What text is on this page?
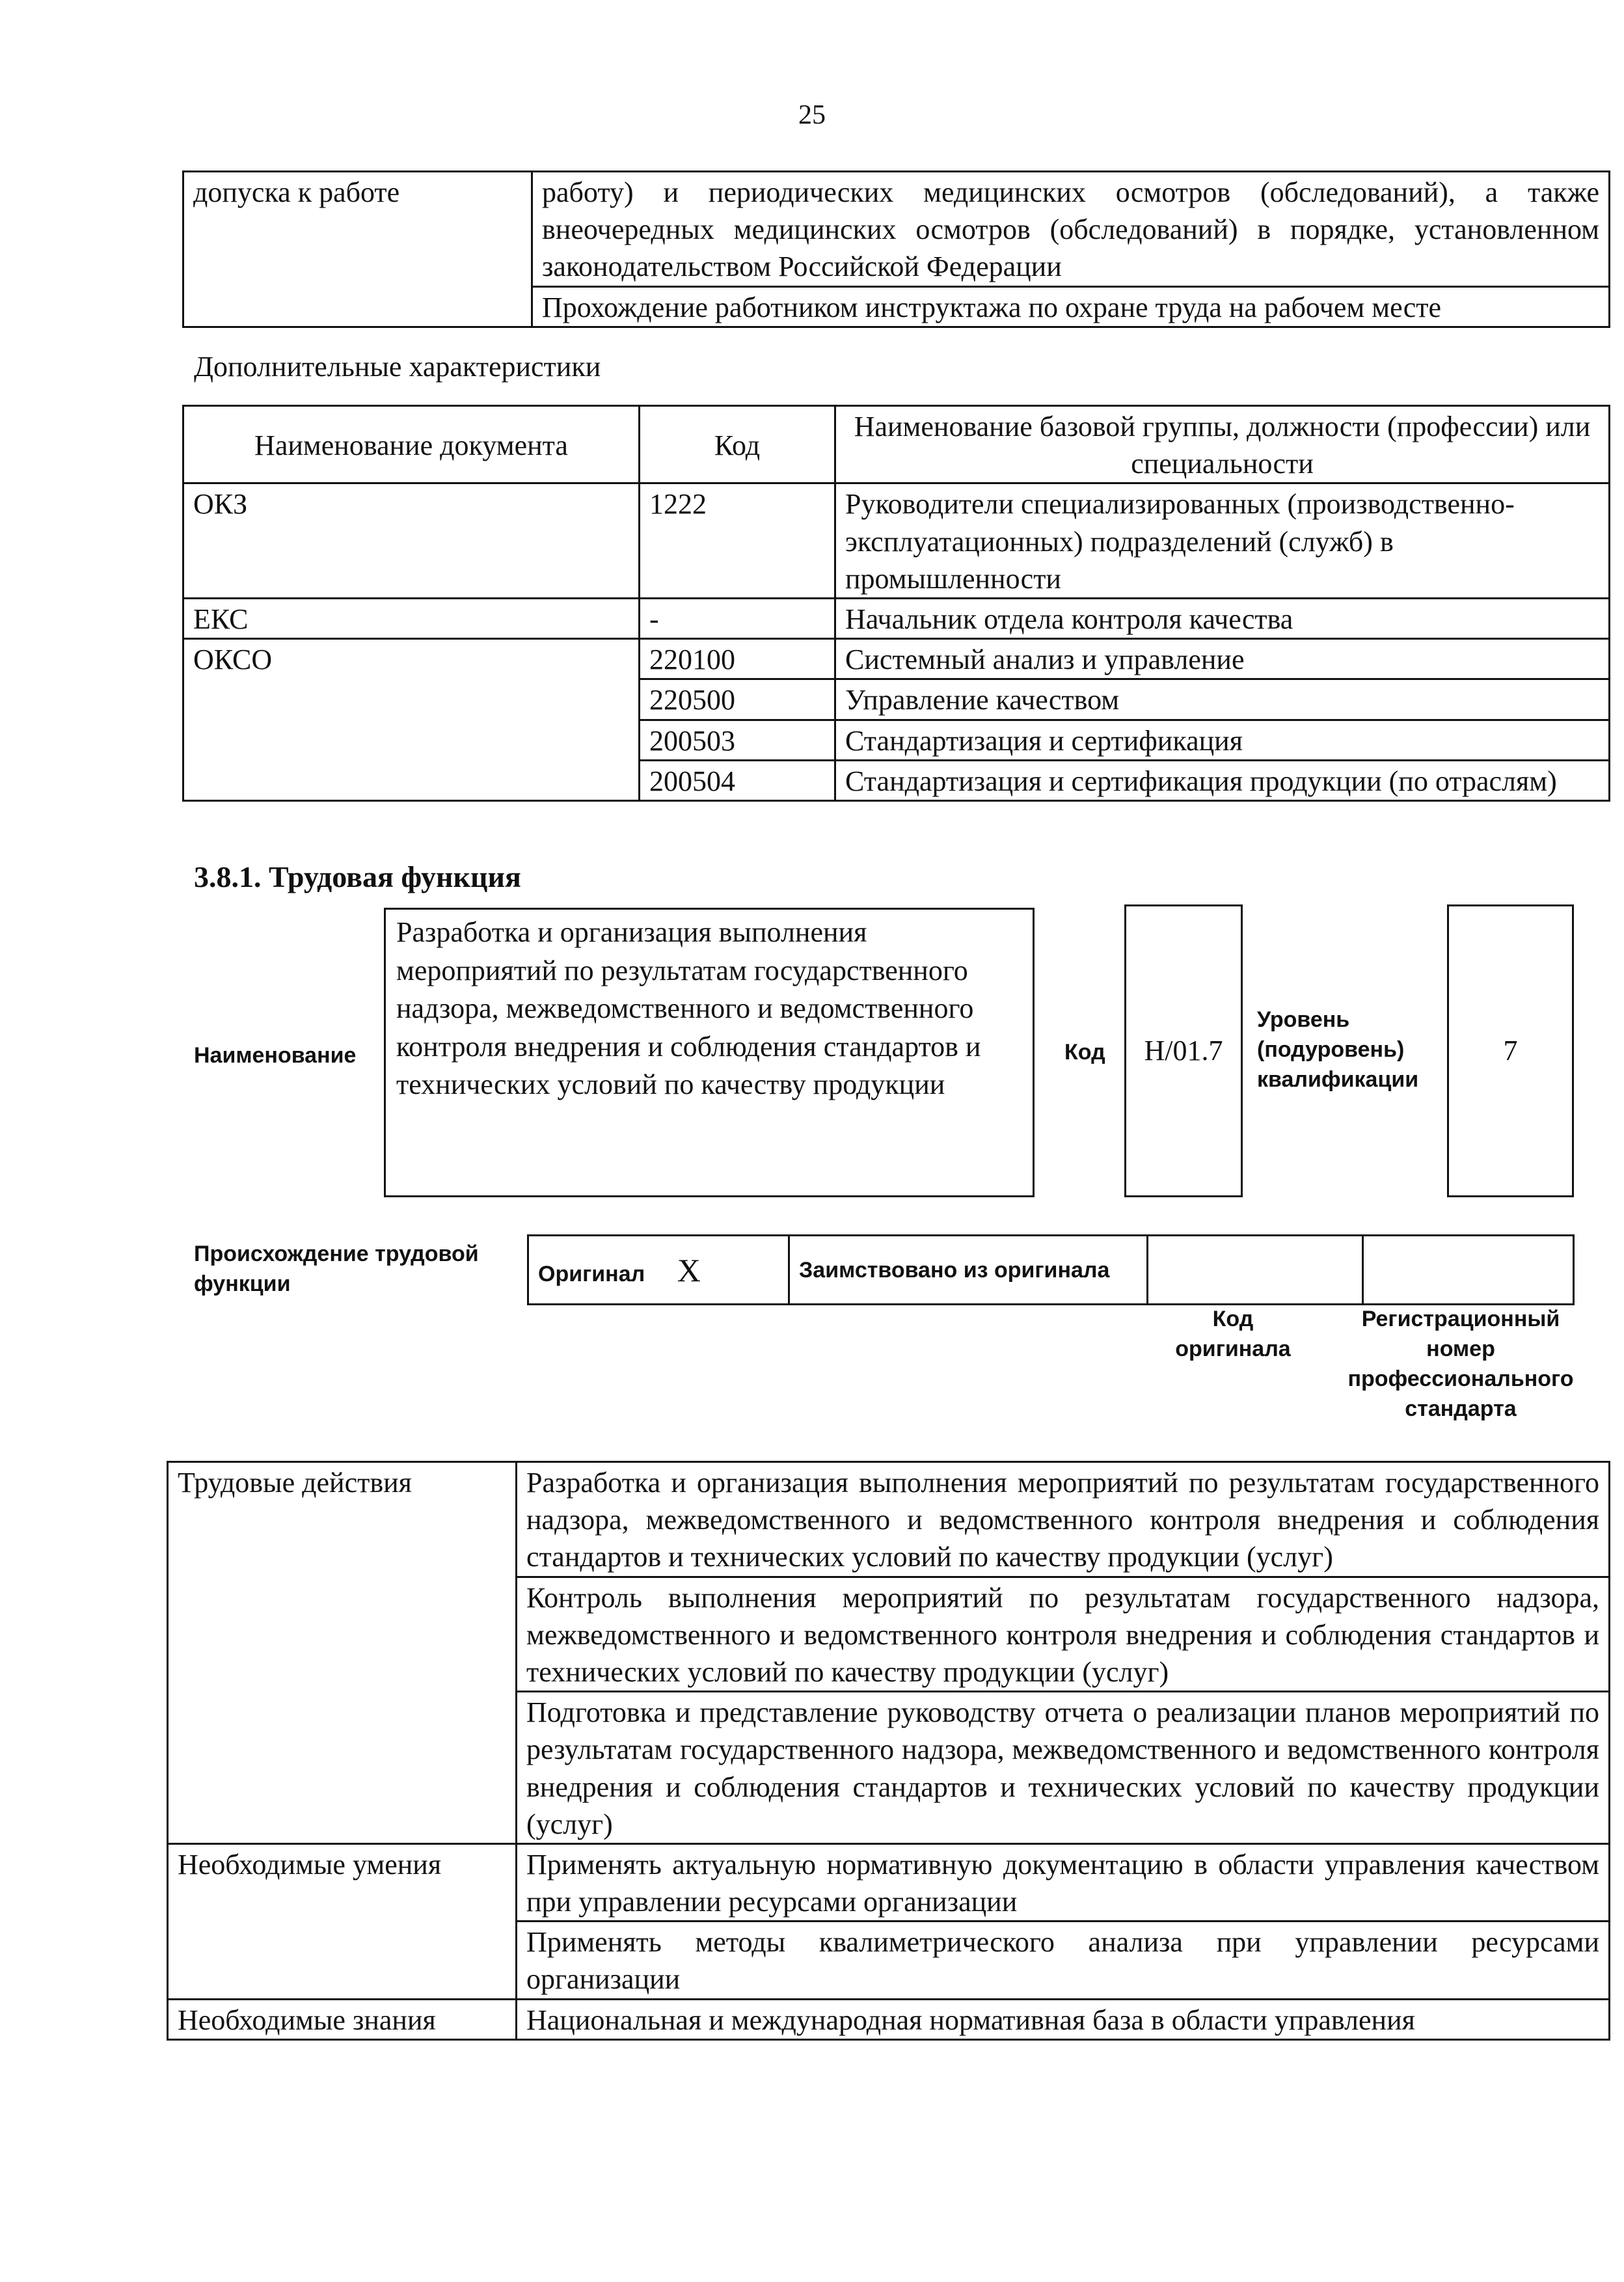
25
допуска к работе	работу) и периодических медицинских осмотров (обследований), а также внеочередных медицинских осмотров (обследований) в порядке, установленном законодательством Российской Федерации
Прохождение работником инструктажа по охране труда на рабочем месте
Дополнительные характеристики
Наименование документа	Код	Наименование базовой группы, должности (профессии) или специальности
ОКЗ	1222	Руководители специализированных (производственно-эксплуатационных) подразделений (служб) в промышленности
ЕКС	-	Начальник отдела контроля качества
ОКСО	220100	Системный анализ и управление
	220500	Управление качеством
	200503	Стандартизация и сертификация
	200504	Стандартизация и сертификация продукции (по отраслям)
3.8.1. Трудовая функция
Наименование
Разработка и организация выполнения мероприятий по результатам государственного надзора, межведомственного и ведомственного контроля внедрения и соблюдения стандартов и технических условий по качеству продукции
Код H/01.7
Уровень (подуровень) квалификации
7
Происхождение трудовой функции	Оригинал X	Заимствовано из оригинала		
Код оригинала
Регистрационный номер профессионального стандарта
Трудовые действия	Разработка и организация выполнения мероприятий по результатам государственного надзора, межведомственного и ведомственного контроля внедрения и соблюдения стандартов и технических условий по качеству продукции (услуг)
Контроль выполнения мероприятий по результатам государственного надзора, межведомственного и ведомственного контроля внедрения и соблюдения стандартов и технических условий по качеству продукции (услуг)
Подготовка и представление руководству отчета о реализации планов мероприятий по результатам государственного надзора, межведомственного и ведомственного контроля внедрения и соблюдения стандартов и технических условий по качеству продукции (услуг)

Необходимые умения	Применять актуальную нормативную документацию в области управления качеством при управлении ресурсами организации
Применять методы квалиметрического анализа при управлении ресурсами организации

Необходимые знания	Национальная и международная нормативная база в области управления
